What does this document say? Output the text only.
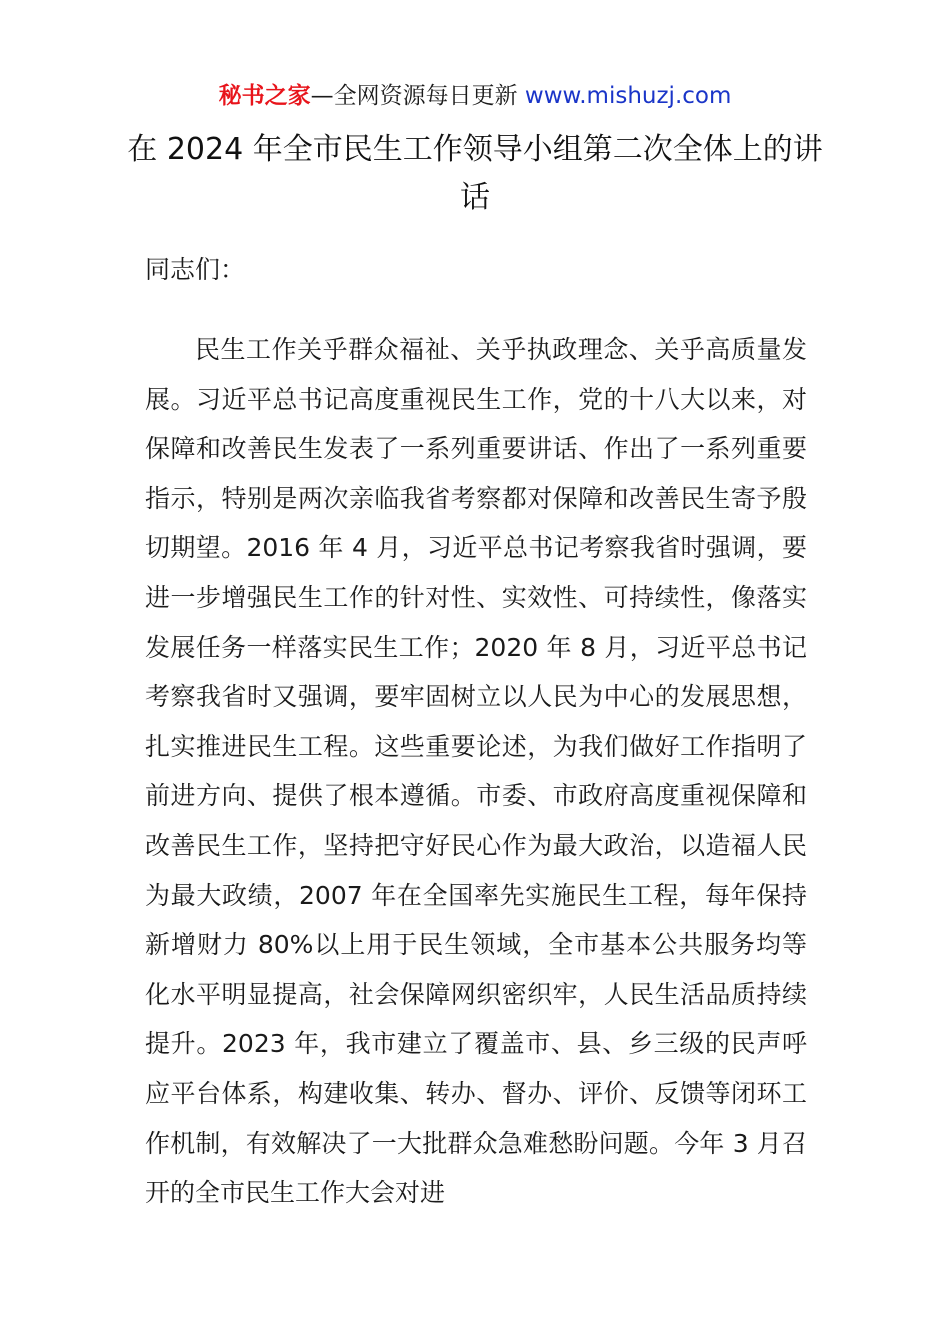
秘书之家—全网资源每日更新 www.mishuzj.com
在 2024 年全市民生工作领导小组第二次全体上的讲话
同志们：

民生工作关乎群众福祉、关乎执政理念、关乎高质量发展。习近平总书记高度重视民生工作，党的十八大以来，对保障和改善民生发表了一系列重要讲话、作出了一系列重要指示，特别是两次亲临我省考察都对保障和改善民生寄予殷切期望。2016 年 4 月，习近平总书记考察我省时强调，要进一步增强民生工作的针对性、实效性、可持续性，像落实发展任务一样落实民生工作；2020 年 8 月，习近平总书记考察我省时又强调，要牢固树立以人民为中心的发展思想，扎实推进民生工程。这些重要论述，为我们做好工作指明了前进方向、提供了根本遵循。市委、市政府高度重视保障和改善民生工作，坚持把守好民心作为最大政治，以造福人民为最大政绩，2007 年在全国率先实施民生工程，每年保持新增财力 80%以上用于民生领域，全市基本公共服务均等化水平明显提高，社会保障网织密织牢，人民生活品质持续提升。2023 年，我市建立了覆盖市、县、乡三级的民声呼应平台体系，构建收集、转办、督办、评价、反馈等闭环工作机制，有效解决了一大批群众急难愁盼问题。今年 3 月召开的全市民生工作大会对进
